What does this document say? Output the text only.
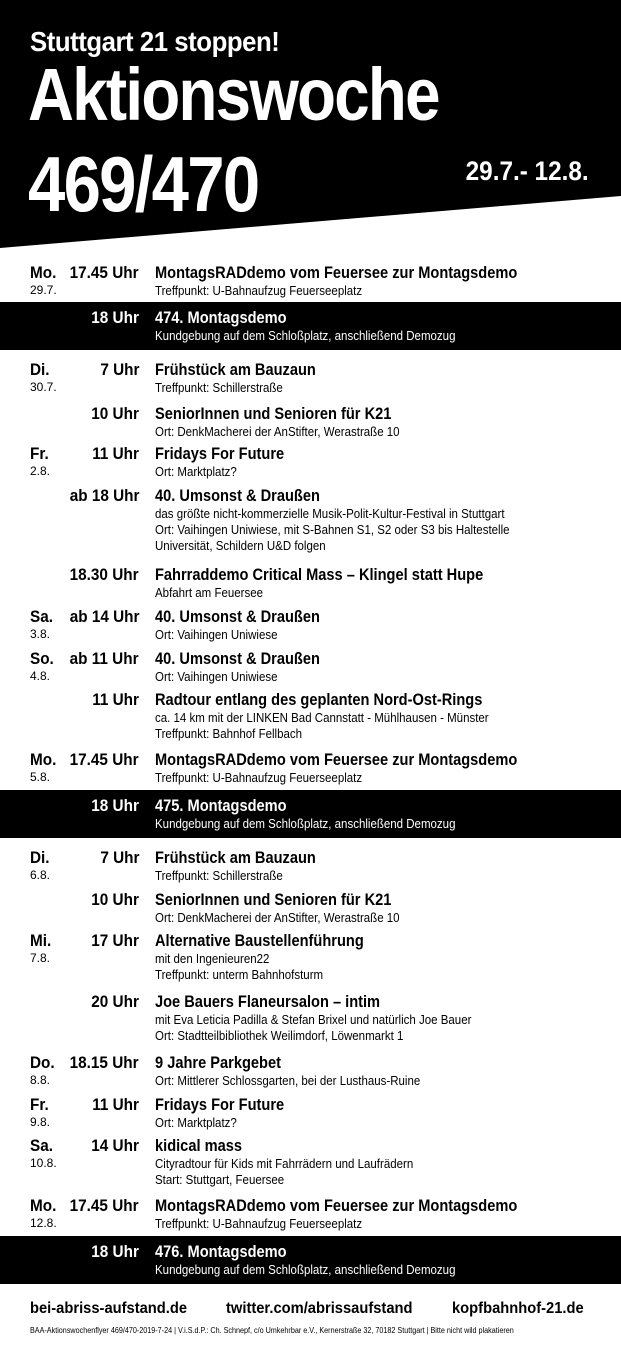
Stuttgart 21 stoppen!
Aktionswoche
469/470	29.7.- 12.8.
Mo.
29.7.
17.45 Uhr MontagsRADdemo vom Feuersee zur Montagsdemo
Treffpunkt: U-Bahnaufzug Feuerseeplatz
18 Uhr 474. Montagsdemo
Kundgebung auf dem Schloßplatz, anschließend Demozug
Di.
30.7.
7 Uhr Frühstück am Bauzaun
Treffpunkt: Schillerstraße
10 Uhr SeniorInnen und Senioren für K21
Ort: DenkMacherei der AnStifter, Werastraße 10
Fr.
2.8.
11 Uhr Fridays For Future
Ort: Marktplatz?
ab 18 Uhr 40. Umsonst & Draußen
das größte nicht-kommerzielle Musik-Polit-Kultur-Festival in Stuttgart
Ort: Vaihingen Uniwiese, mit S-Bahnen S1, S2 oder S3 bis Haltestelle
Universität, Schildern U&D folgen
18.30 Uhr Fahrraddemo Critical Mass – Klingel statt Hupe
Abfahrt am Feuersee
Sa.
3.8.
ab 14 Uhr 40. Umsonst & Draußen
Ort: Vaihingen Uniwiese
So.
4.8.
ab 11 Uhr 40. Umsonst & Draußen
Ort: Vaihingen Uniwiese
11 Uhr Radtour entlang des geplanten Nord-Ost-Rings
ca. 14 km mit der LINKEN Bad Cannstatt - Mühlhausen - Münster
Treffpunkt: Bahnhof Fellbach
Mo.
5.8.
17.45 Uhr MontagsRADdemo vom Feuersee zur Montagsdemo
Treffpunkt: U-Bahnaufzug Feuerseeplatz
18 Uhr 475. Montagsdemo
Kundgebung auf dem Schloßplatz, anschließend Demozug
Di.
6.8.
7 Uhr Frühstück am Bauzaun
Treffpunkt: Schillerstraße
10 Uhr SeniorInnen und Senioren für K21
Ort: DenkMacherei der AnStifter, Werastraße 10
Mi.
7.8.
17 Uhr Alternative Baustellenführung
mit den Ingenieuren22
Treffpunkt: unterm Bahnhofsturm
20 Uhr Joe Bauers Flaneursalon – intim
mit Eva Leticia Padilla & Stefan Brixel und natürlich Joe Bauer
Ort: Stadtteilbibliothek Weilimdorf, Löwenmarkt 1
Do.
8.8.
18.15 Uhr 9 Jahre Parkgebet
Ort: Mittlerer Schlossgarten, bei der Lusthaus-Ruine
Fr.
9.8.
11 Uhr Fridays For Future
Ort: Marktplatz?
Sa.
10.8.
14 Uhr kidical mass
Cityradtour für Kids mit Fahrrädern und Laufrädern
Start: Stuttgart, Feuersee
Mo.
12.8.
17.45 Uhr MontagsRADdemo vom Feuersee zur Montagsdemo
Treffpunkt: U-Bahnaufzug Feuerseeplatz
18 Uhr 476. Montagsdemo
Kundgebung auf dem Schloßplatz, anschließend Demozug
bei-abriss-aufstand.de twitter.com/abrissaufstand kopfbahnhof-21.de
BAA-Aktionswochenflyer 469/470-2019-7-24 | V.i.S.d.P.: Ch. Schnepf, c/o Umkehrbar e.V., Kernerstraße 32, 70182 Stuttgart | Bitte nicht wild plakatieren
